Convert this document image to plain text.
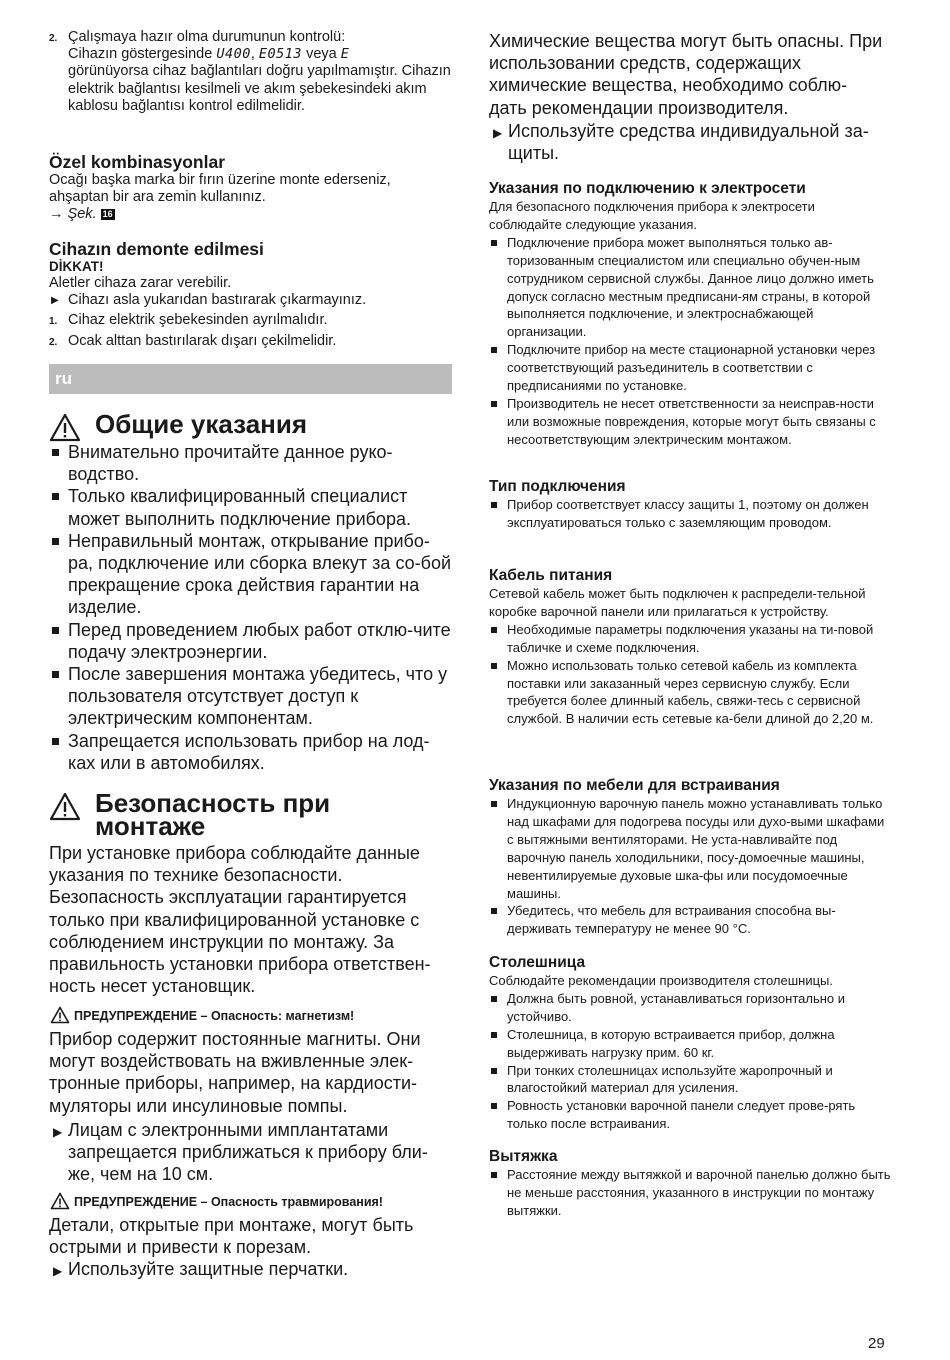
2. Çalışmaya hazır olma durumunun kontrolü:
Cihazın göstergesinde U400, E0513 veya E
görünüyorsa cihaz bağlantıları doğru yapılmamıştır. Cihazın elektrik bağlantısı kesilmeli ve akım şebekesindeki akım kablosu bağlantısı kontrol edilmelidir.
Özel kombinasyonlar
Ocağı başka marka bir fırın üzerine monte ederseniz, ahşaptan bir ara zemin kullanınız.
→ Şek. 16
Cihazın demonte edilmesi
DİKKAT!
Aletler cihaza zarar verebilir.
▶ Cihazı asla yukarıdan bastırarak çıkarmayınız.
1. Cihaz elektrik şebekesinden ayrılmalıdır.
2. Ocak alttan bastırılarak dışarı çekilmelidir.
ru
Общие указания
Внимательно прочитайте данное руко-водство.
Только квалифицированный специалист может выполнить подключение прибора.
Неправильный монтаж, открывание прибо-ра, подключение или сборка влекут за со-бой прекращение срока действия гарантии на изделие.
Перед проведением любых работ отклю-чите подачу электроэнергии.
После завершения монтажа убедитесь, что у пользователя отсутствует доступ к электрическим компонентам.
Запрещается использовать прибор на лод-ках или в автомобилях.
Безопасность при
монтаже
При установке прибора соблюдайте данные указания по технике безопасности. Безопасность эксплуатации гарантируется только при квалифицированной установке с соблюдением инструкции по монтажу. За правильность установки прибора ответствен-ность несет установщик.
ПРЕДУПРЕЖДЕНИЕ – Опасность: магнетизм!
Прибор содержит постоянные магниты. Они могут воздействовать на вживленные элек-тронные приборы, например, на кардиости-муляторы или инсулиновые помпы.
▶ Лицам с электронными имплантатами запрещается приближаться к прибору бли-же, чем на 10 см.
ПРЕДУПРЕЖДЕНИЕ – Опасность травмирования!
Детали, открытые при монтаже, могут быть острыми и привести к порезам.
▶ Используйте защитные перчатки.
Химические вещества могут быть опасны. При использовании средств, содержащих химические вещества, необходимо соблю-дать рекомендации производителя.
▶ Используйте средства индивидуальной за-щиты.
Указания по подключению к электросети
Для безопасного подключения прибора к электросети соблюдайте следующие указания.
Подключение прибора может выполняться только ав-торизованным специалистом или специально обучен-ным сотрудником сервисной службы. Данное лицо должно иметь допуск согласно местным предписани-ям страны, в которой выполняется подключение, и электроснабжающей организации.
Подключите прибор на месте стационарной установки через соответствующий разъединитель в соответствии с предписаниями по установке.
Производитель не несет ответственности за неисправ-ности или возможные повреждения, которые могут быть связаны с несоответствующим электрическим монтажом.
Тип подключения
Прибор соответствует классу защиты 1, поэтому он должен эксплуатироваться только с заземляющим проводом.
Кабель питания
Сетевой кабель может быть подключен к распредели-тельной коробке варочной панели или прилагаться к устройству.
Необходимые параметры подключения указаны на ти-повой табличке и схеме подключения.
Можно использовать только сетевой кабель из комплекта поставки или заказанный через сервисную службу. Если требуется более длинный кабель, свяжи-тесь с сервисной службой. В наличии есть сетевые ка-бели длиной до 2,20 м.
Указания по мебели для встраивания
Индукционную варочную панель можно устанавливать только над шкафами для подогрева посуды или духо-выми шкафами с вытяжными вентиляторами. Не уста-навливайте под варочную панель холодильники, посу-домоечные машины, невентилируемые духовые шка-фы или посудомоечные машины.
Убедитесь, что мебель для встраивания способна вы-держивать температуру не менее 90 °C.
Столешница
Соблюдайте рекомендации производителя столешницы.
Должна быть ровной, устанавливаться горизонтально и устойчиво.
Столешница, в которую встраивается прибор, должна выдерживать нагрузку прим. 60 кг.
При тонких столешницах используйте жаропрочный и влагостойкий материал для усиления.
Ровность установки варочной панели следует прове-рять только после встраивания.
Вытяжка
Расстояние между вытяжкой и варочной панелью должно быть не меньше расстояния, указанного в инструкции по монтажу вытяжки.
29
